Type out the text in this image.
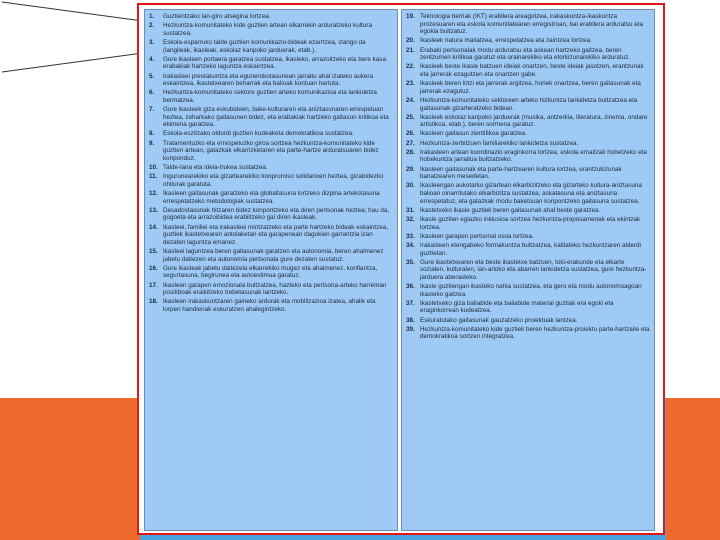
1.	Guztientzako lan-giro atsegina lortzea.
2.	Hezkuntza-komunitateko kide guztien artean elkarrekin arduratzeko kultura sustatzea.
3.	Eskola-esparruko talde guztien komunikazio-bideak ezarrtzea, izango da (langileak, ikasleak, eskolaz kanpoko jarduerak, etab.).
4.	Gure ikasleen portaera garatzea sustatzea, ikasleko, arrazoitzeko eta bere kasa erabakiak hartzeko laguntza eskaintzea.
5.	Irakasleei prestakuntza eta egunerokotasunean jarraitu ahal izateko aukera eskaintzea, ikastetxearen beharrak eta balioak kontuan hartuta.
6.	Hezkuntza-komunitateko sektore guztien arteko komunikazioa eta lankidetza bermatzea.
7.	Gure ikasleek giza eskubideen, bake-kulturaren eta aniztasunaren errespetuan heztea, zeharkako gaitasunen bidez, eta erabakiak hartzeko gaitasun kritikoa eta ekimena garatzea.
8.	Eskola-eszitzako oldordi guztien kudeaketa demokratikoa sustatzea.
9.	Tratamentuzko eta errespetuzko giroa sortzea hezkuntza-komunitateko kide guztien artean, gatazkak elkarrizketaren eta parte-hartze arduratsuaren bidez konponduz.
10. Talde-lana eta ideia-trukea sustatzea.
11. Ingurunearekiko eta gizartearekiko konpromiso solidarioen heztea, gizabidezko ohiturak garatuta.
12. Ikasleen gaitasunak garatzeko eta globaltasuna lortzeko dizpina artekotasuna errespetatzeko metodologiak sustatzea.
13. Desadostasunak hitzaren bidez konpontzeko eta diren pertsonak heztea; hau da, gogoeta eta arrazoibidea erabiltzeko gai diren ikasleak.
14. Ikasleei, familiei eta irakasleei mintzatzeko eta parte hartzeko bideak eskaintzea, guztiek ikastetxearen antolaketan eta garapenean dagokien garrantzia izan dezaten laguntza emanez.
15. Ikasleei laguntzea beren gaitasunak garatzen eta autonomia, beren ahalmenez jabetu daitezen eta autonomia pertsonala gure dezaten sustatuz.
16. Gure ikasleak jabetu daitezela elkarrekiko mugez eta ahalmenez, konfiantza, segurtasuna, begirunea eta autoestimua garatuz.
17. Ikasleen garapen emozionala bultzatzea, hazteko eta pertsona-arteko harreman positiboak eraikitzeko trebetasunak lantzeko.
18. Ikasleen irakaskuntzaren gaineko ardurak eta mobilizazioa izatea, ahalik eta lorpen handienak eskuratzen ahalegintzeko.
19. Teknologia berriak (IKT) erabilera areagotzea, irakaskuntza-ikaskuntza prozesuaren eta eskola komunitatearen erregistroan, bai erabilera arduratsu eta egokia bultzatuz.
20. Ikasleek natura maitatzea, errespetatzea eta zaintzea lortzea.
21. Erabaki pertsonalak modu arduratsu eta askean hartzeko gaitzea, beren zentzumen kritikoa garatuz eta orainarekiko eta etorkizunarekiko arduratuz.
22. Ikasleek beste ikasle batzuen ideiak onartzen, beste ideiak jasotzen, erantzunak eta jarrerak ezagutzen eta onartzen gabe.
23. Ikasleek beren iritzi eta jarrerak argitzea, horiek onartzea, beren gaitasunak eta jarrerak ezagutuz.
24. Hezkuntza-komunitateko sektoreen arteko hizkuntza lankidetza bultzatzea eta gaitasunak gizarteratzeko bidean.
25. Ikasleek eskolaz kanpoko jarduerak (musika, antzerkia, literatura, zinema, ondare artistikoa, etab.), beren sormena garatuz.
26. Ikasleen gaitasun zientifikoa garatzea.
27. Hezkuntza-zerbitzuen familiarekiko lankidetza sustatzea.
28. Irakasleen artean koordinazio eraginkorra lortzea, eskola emaitzak hobetzeko eta hobekuntza jarraitua bultzatzeko.
29. Ikasleen gaitasunak eta parte-hartzearen kultura lortzea, erantzukizunak banatzearen mesedetan.
30. Ikasleengan aukotarko gizartean elkarbizitzeko eta gizarteko kultura-aniztasuna balioan oinarritutako elkarbizitza sustatzea, askatasuna eta aniztasuna errespetatuz, eta gatazkak modu baketsuan konpontzeko gaitasuna sustatzea.
31. Ikastetxeko ikasle guztiek beren gaitasunak ahal beste garatzea.
32. Ikasle guztien egiazko inklusioa sortzea hezkuntza-proposamenak eta ekintzak lortzea.
33. Ikasleen garapen pertsonal osoa lortzea.
34. Irakasleen etengabeko formakuntza bultzatzea, kalitateko hezkuntzaren alderdi guztietan.
35. Gure ikastetxearen eta beste ikastetxe batzuen, toki-erakunde eta elkarte sozialen, kulturalen, lan-arloko eta abarren lankidetza sustatzea, gure hezkuntza-jarduera aberasteko.
36. Ikasle guztiengan ikasteko nahia sustatzea, eta gero eta modu autonomoagoan ikasteko gaitzea.
37. Ikastetxeko giza baliabide eta baliabide material guztiak era egoki eta eraginkorrean kudeatzea.
38. Eskuratutako gaitasunak gauzatzeko proiektuak lantzea.
39. Hezkuntza-komunitateko kide guztiek beren hezkuntza-proiektu parte-hartzaile eta demokratikoa sortzen integratzea.
